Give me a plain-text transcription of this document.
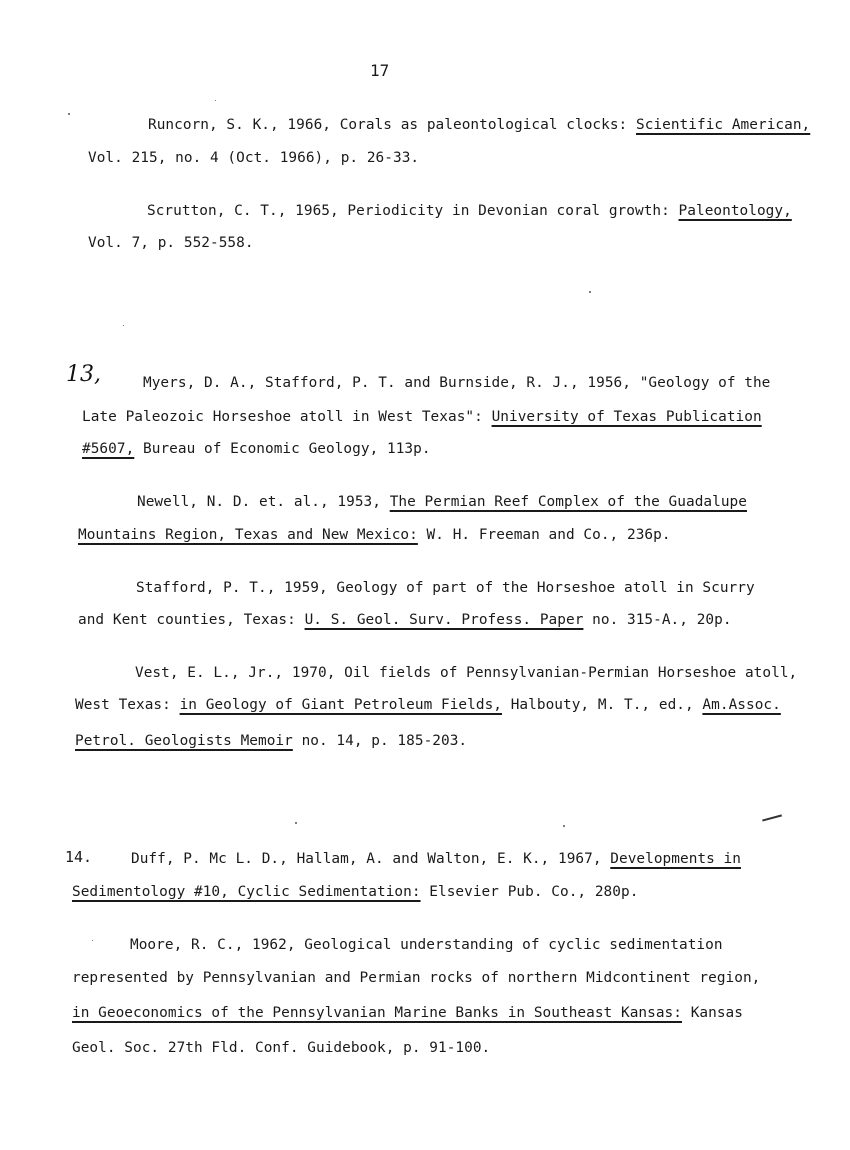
17
13,
14.
Runcorn, S. K., 1966, Corals as paleontological clocks: Scientific American,
Vol. 215, no. 4 (Oct. 1966), p. 26-33.
Scrutton, C. T., 1965, Periodicity in Devonian coral growth: Paleontology,
Vol. 7, p. 552-558.
Myers, D. A., Stafford, P. T. and Burnside, R. J., 1956, "Geology of the
Late Paleozoic Horseshoe atoll in West Texas": University of Texas Publication
#5607, Bureau of Economic Geology, 113p.
Newell, N. D. et. al., 1953, The Permian Reef Complex of the Guadalupe
Mountains Region, Texas and New Mexico: W. H. Freeman and Co., 236p.
Stafford, P. T., 1959, Geology of part of the Horseshoe atoll in Scurry
and Kent counties, Texas: U. S. Geol. Surv. Profess. Paper no. 315-A., 20p.
Vest, E. L., Jr., 1970, Oil fields of Pennsylvanian-Permian Horseshoe atoll,
West Texas: in Geology of Giant Petroleum Fields, Halbouty, M. T., ed., Am.Assoc.
Petrol. Geologists Memoir no. 14, p. 185-203.
Duff, P. Mc L. D., Hallam, A. and Walton, E. K., 1967, Developments in
Sedimentology #10, Cyclic Sedimentation: Elsevier Pub. Co., 280p.
Moore, R. C., 1962, Geological understanding of cyclic sedimentation
represented by Pennsylvanian and Permian rocks of northern Midcontinent region,
in Geoeconomics of the Pennsylvanian Marine Banks in Southeast Kansas: Kansas
Geol. Soc. 27th Fld. Conf. Guidebook, p. 91-100.
